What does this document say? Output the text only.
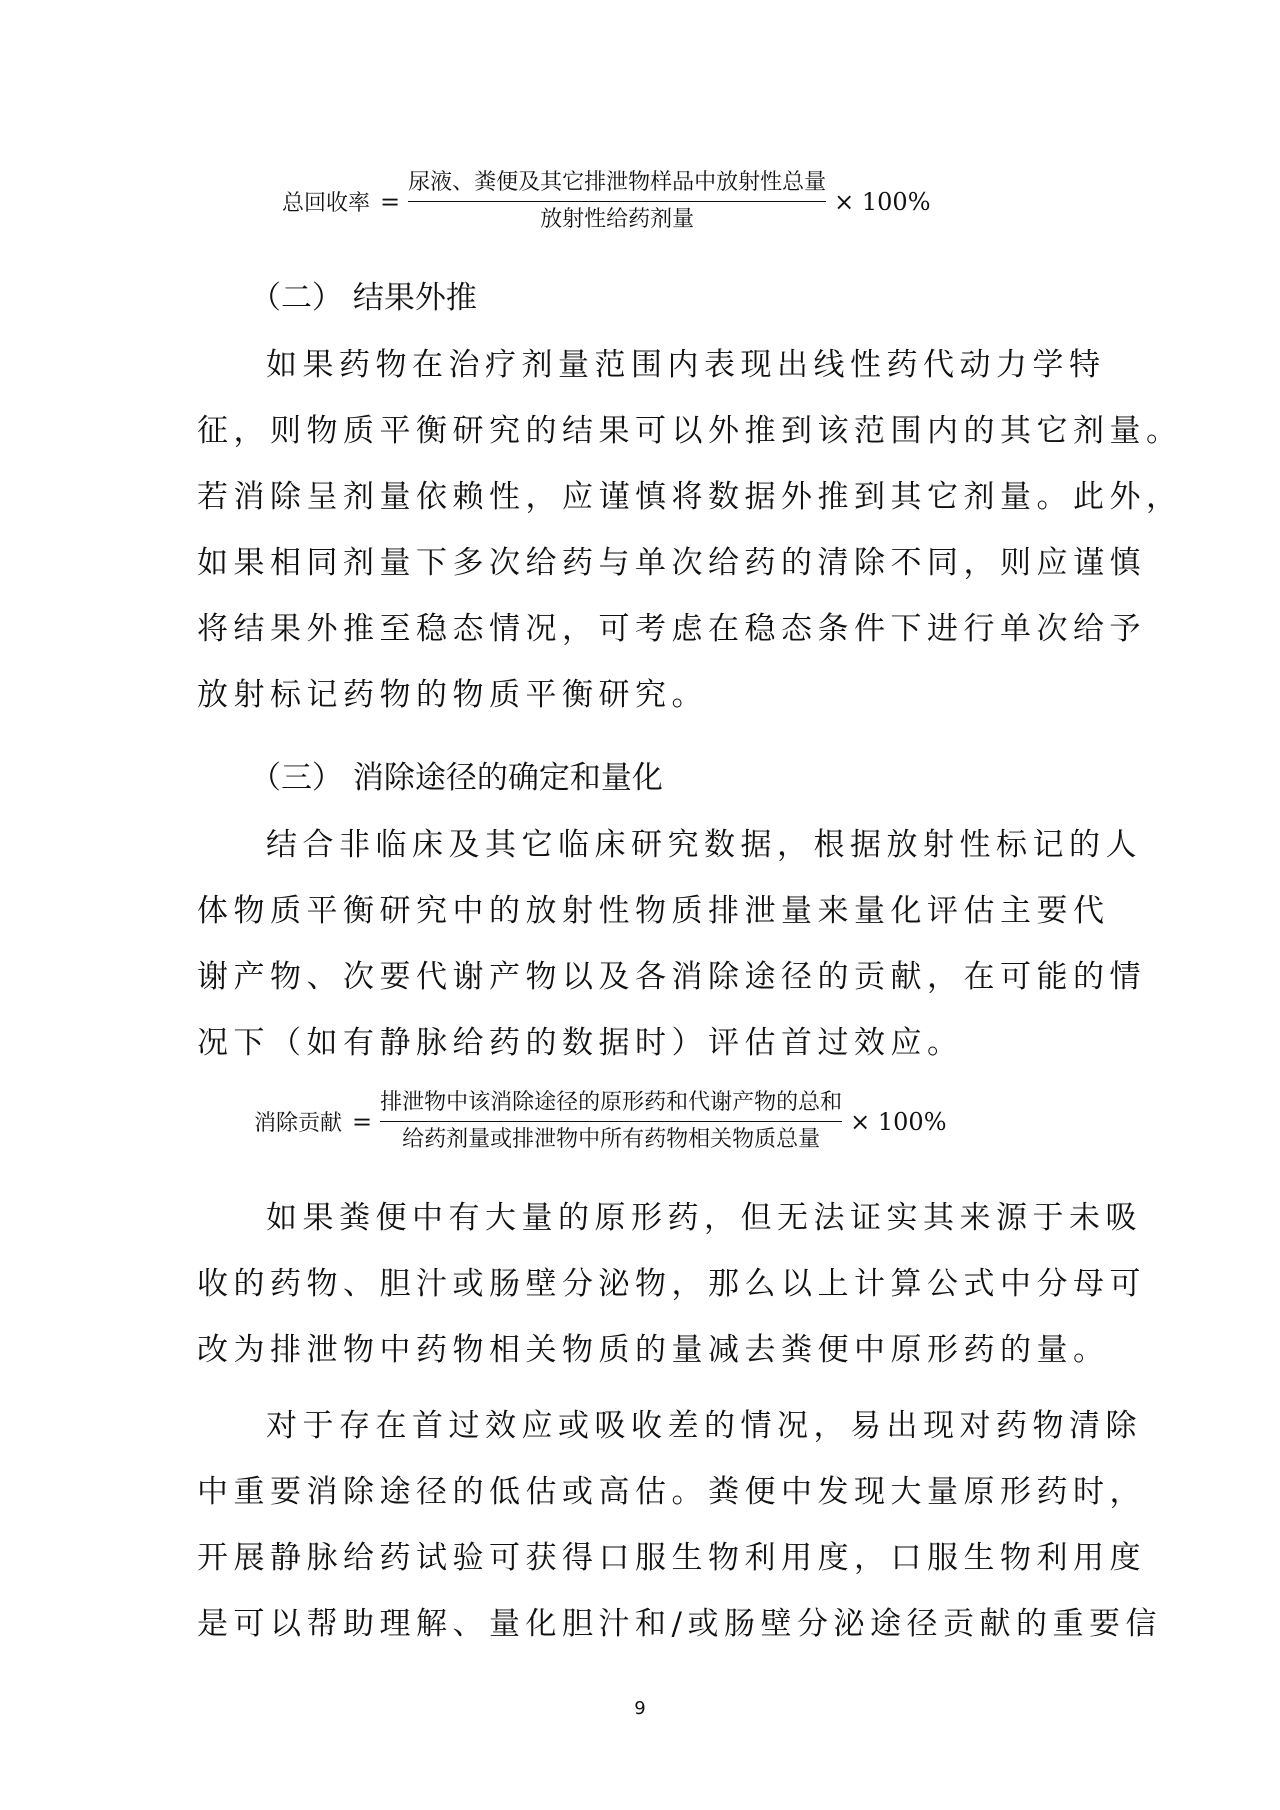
总回收率 = $\frac{\text{尿液、粪便及其它排泄物样品中放射性总量}}{\text{放射性给药剂量}} \times 100\%$
（二） 结果外推
如果药物在治疗剂量范围内表现出线性药代动力学特
征，则物质平衡研究的结果可以外推到该范围内的其它剂量。
若消除呈剂量依赖性，应谨慎将数据外推到其它剂量。此外，
如果相同剂量下多次给药与单次给药的清除不同，则应谨慎
将结果外推至稳态情况，可考虑在稳态条件下进行单次给予
放射标记药物的物质平衡研究。
（三） 消除途径的确定和量化
结合非临床及其它临床研究数据，根据放射性标记的人
体物质平衡研究中的放射性物质排泄量来量化评估主要代
谢产物、次要代谢产物以及各消除途径的贡献，在可能的情
况下（如有静脉给药的数据时）评估首过效应。
消除贡献 = $\frac{\text{排泄物中该消除途径的原形药和代谢产物的总和}}{\text{给药剂量或排泄物中所有药物相关物质总量}} \times 100\%$
如果粪便中有大量的原形药，但无法证实其来源于未吸
收的药物、胆汁或肠壁分泌物，那么以上计算公式中分母可
改为排泄物中药物相关物质的量减去粪便中原形药的量。
对于存在首过效应或吸收差的情况，易出现对药物清除
中重要消除途径的低估或高估。粪便中发现大量原形药时，
开展静脉给药试验可获得口服生物利用度，口服生物利用度
是可以帮助理解、量化胆汁和/或肠壁分泌途径贡献的重要信
9
